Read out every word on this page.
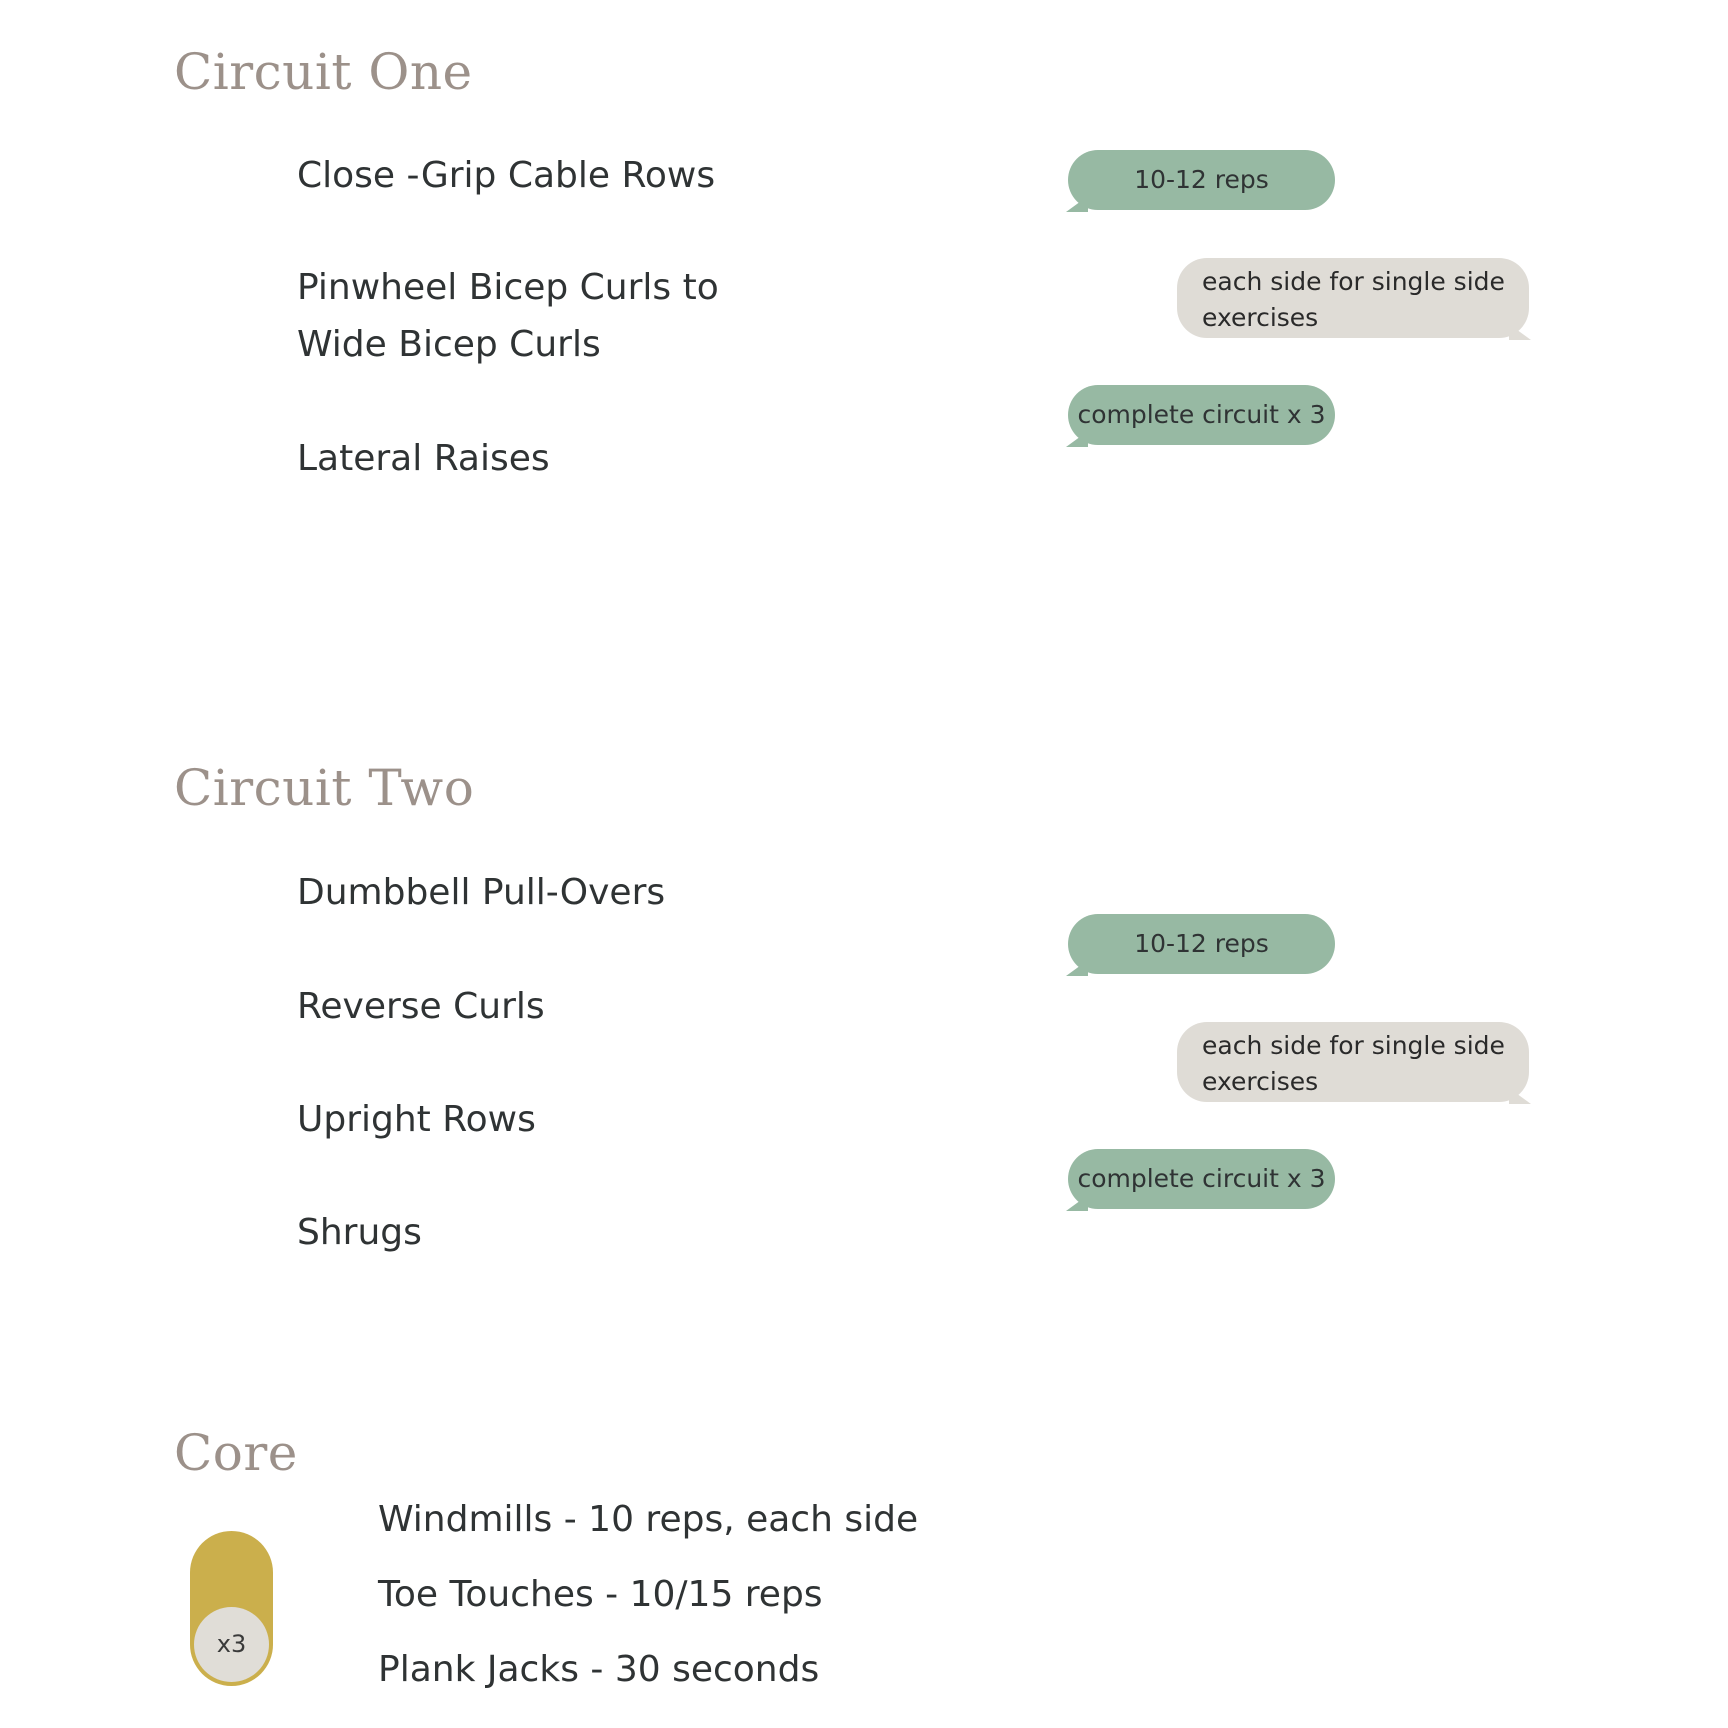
Circuit One

Close -Grip Cable Rows

Pinwheel Bicep Curls to

Wide Bicep Curls

Lateral Raises

10-12 reps
each side for single side exercises
complete circuit x 3
Circuit Two

Dumbbell Pull-Overs

Reverse Curls

Upright Rows

Shrugs

10-12 reps
each side for single side exercises
complete circuit x 3
Core

Windmills - 10 reps, each side

Toe Touches - 10/15 reps

Plank Jacks - 30 seconds

x3
